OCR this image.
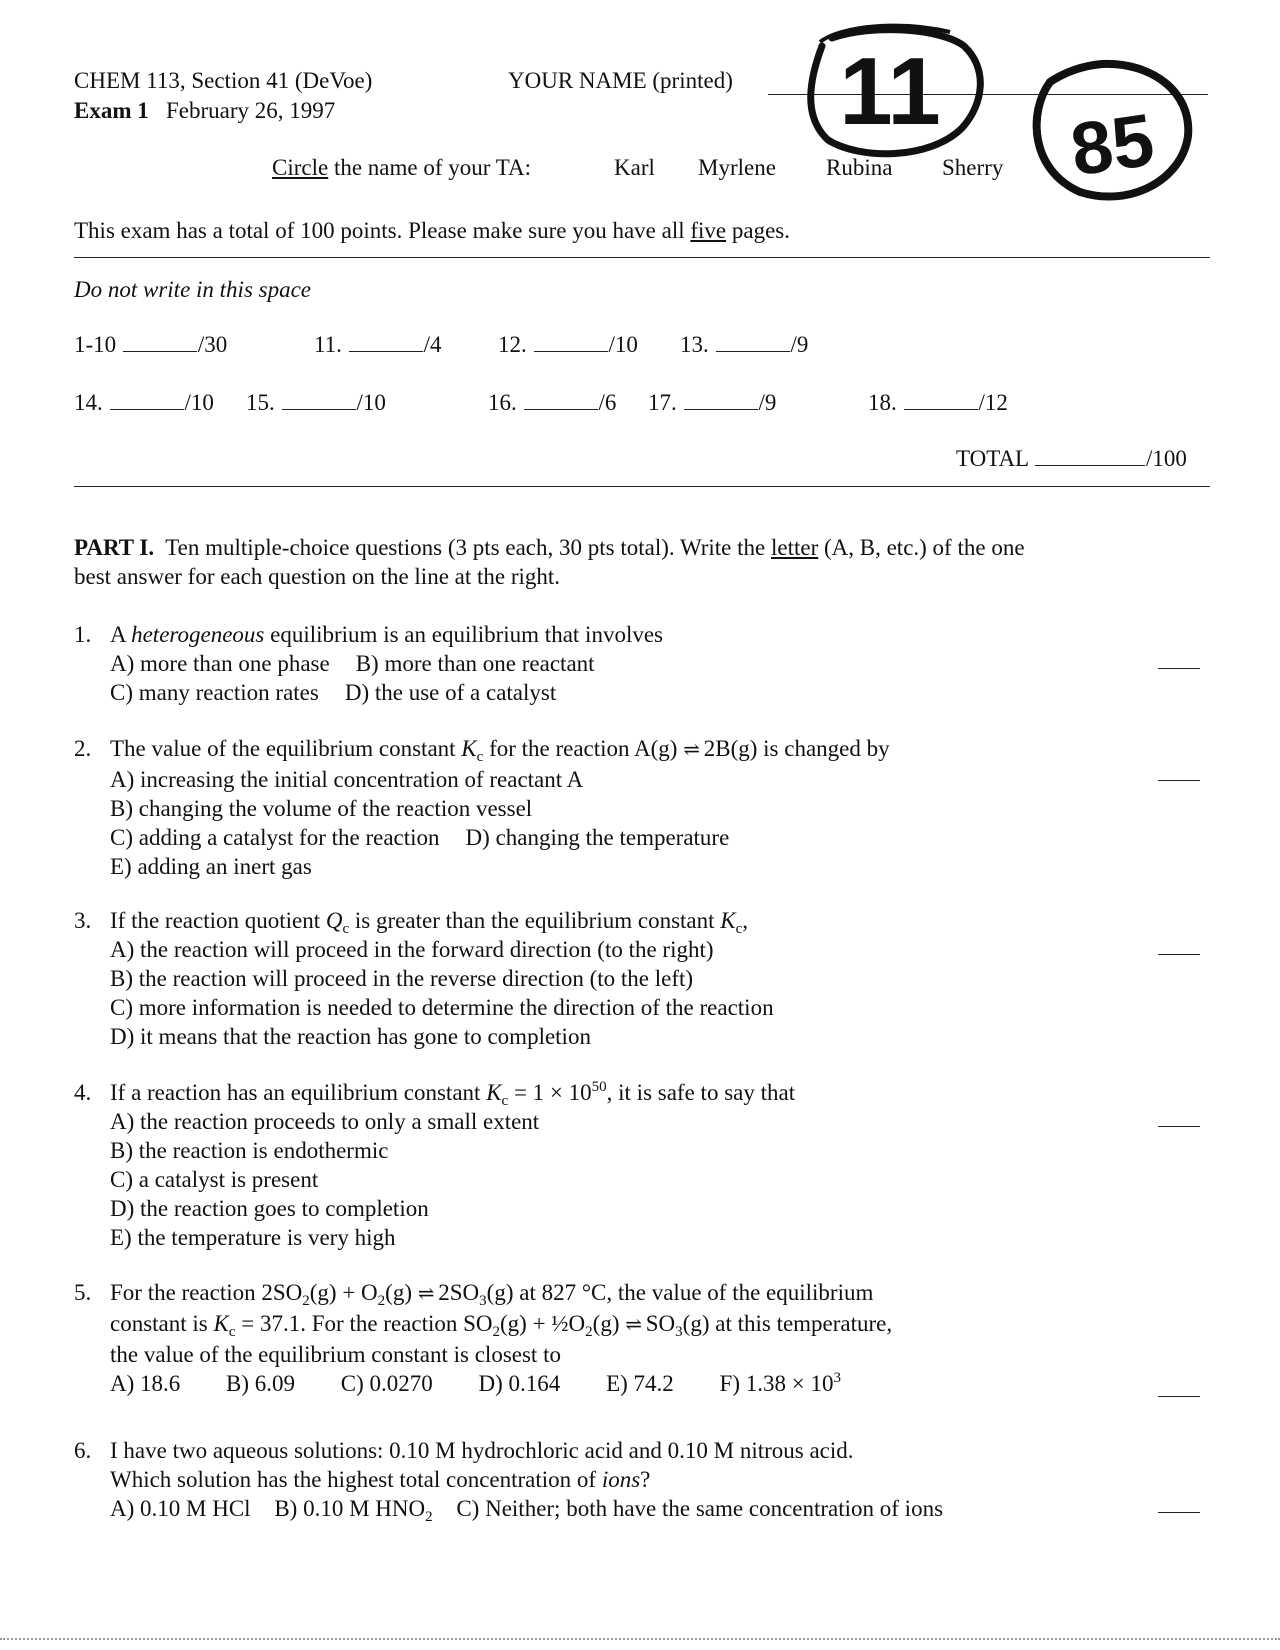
CHEM 113, Section 41 (DeVoe)
Exam 1 February 26, 1997
YOUR NAME (printed)
Circle the name of your TA:	Karl Myrlene Rubina Sherry
11 85
This exam has a total of 100 points. Please make sure you have all five pages.
Do not write in this space
1-10	/30	11.	/4 12.	/10 13.	/9
14.	/10 15.	/10	16.	/6 17.	/9	18.	/12
TOTAL	/100
PART I. Ten multiple-choice questions (3 pts each, 30 pts total). Write the letter (A, B, etc.) of the one
best answer for each question on the line at the right.
1. A heterogeneous equilibrium is an equilibrium that involves
A) more than one phase B) more than one reactant
C) many reaction rates D) the use of a catalyst
2. The value of the equilibrium constant $K_c$ for the reaction A(g) ⇌ 2B(g) is changed by
A) increasing the initial concentration of reactant A
B) changing the volume of the reaction vessel
C) adding a catalyst for the reaction D) changing the temperature
E) adding an inert gas
3. If the reaction quotient $Q_c$ is greater than the equilibrium constant $K_c$,
A) the reaction will proceed in the forward direction (to the right)
B) the reaction will proceed in the reverse direction (to the left)
C) more information is needed to determine the direction of the reaction
D) it means that the reaction has gone to completion
4. If a reaction has an equilibrium constant $K_c = 1 \times 10^{50}$, it is safe to say that
A) the reaction proceeds to only a small extent
B) the reaction is endothermic
C) a catalyst is present
D) the reaction goes to completion
E) the temperature is very high
5. For the reaction $2SO_2(g) + O_2(g)$ ⇌ $2SO_3(g)$ at 827 °C, the value of the equilibrium
constant is $K_c = 37.1$. For the reaction $SO_2(g)$ + $\frac{1}{2}O_2(g)$ ⇌ $SO_3(g)$ at this temperature,
the value of the equilibrium constant is closest to
A) 18.6 B) 6.09 C) 0.0270 D) 0.164 E) 74.2 F) $1.38 \times 10^3$
6. I have two aqueous solutions: 0.10 M hydrochloric acid and 0.10 M nitrous acid.
Which solution has the highest total concentration of ions?
A) 0.10 M HCl B) 0.10 M $HNO_2$ C) Neither; both have the same concentration of ions
